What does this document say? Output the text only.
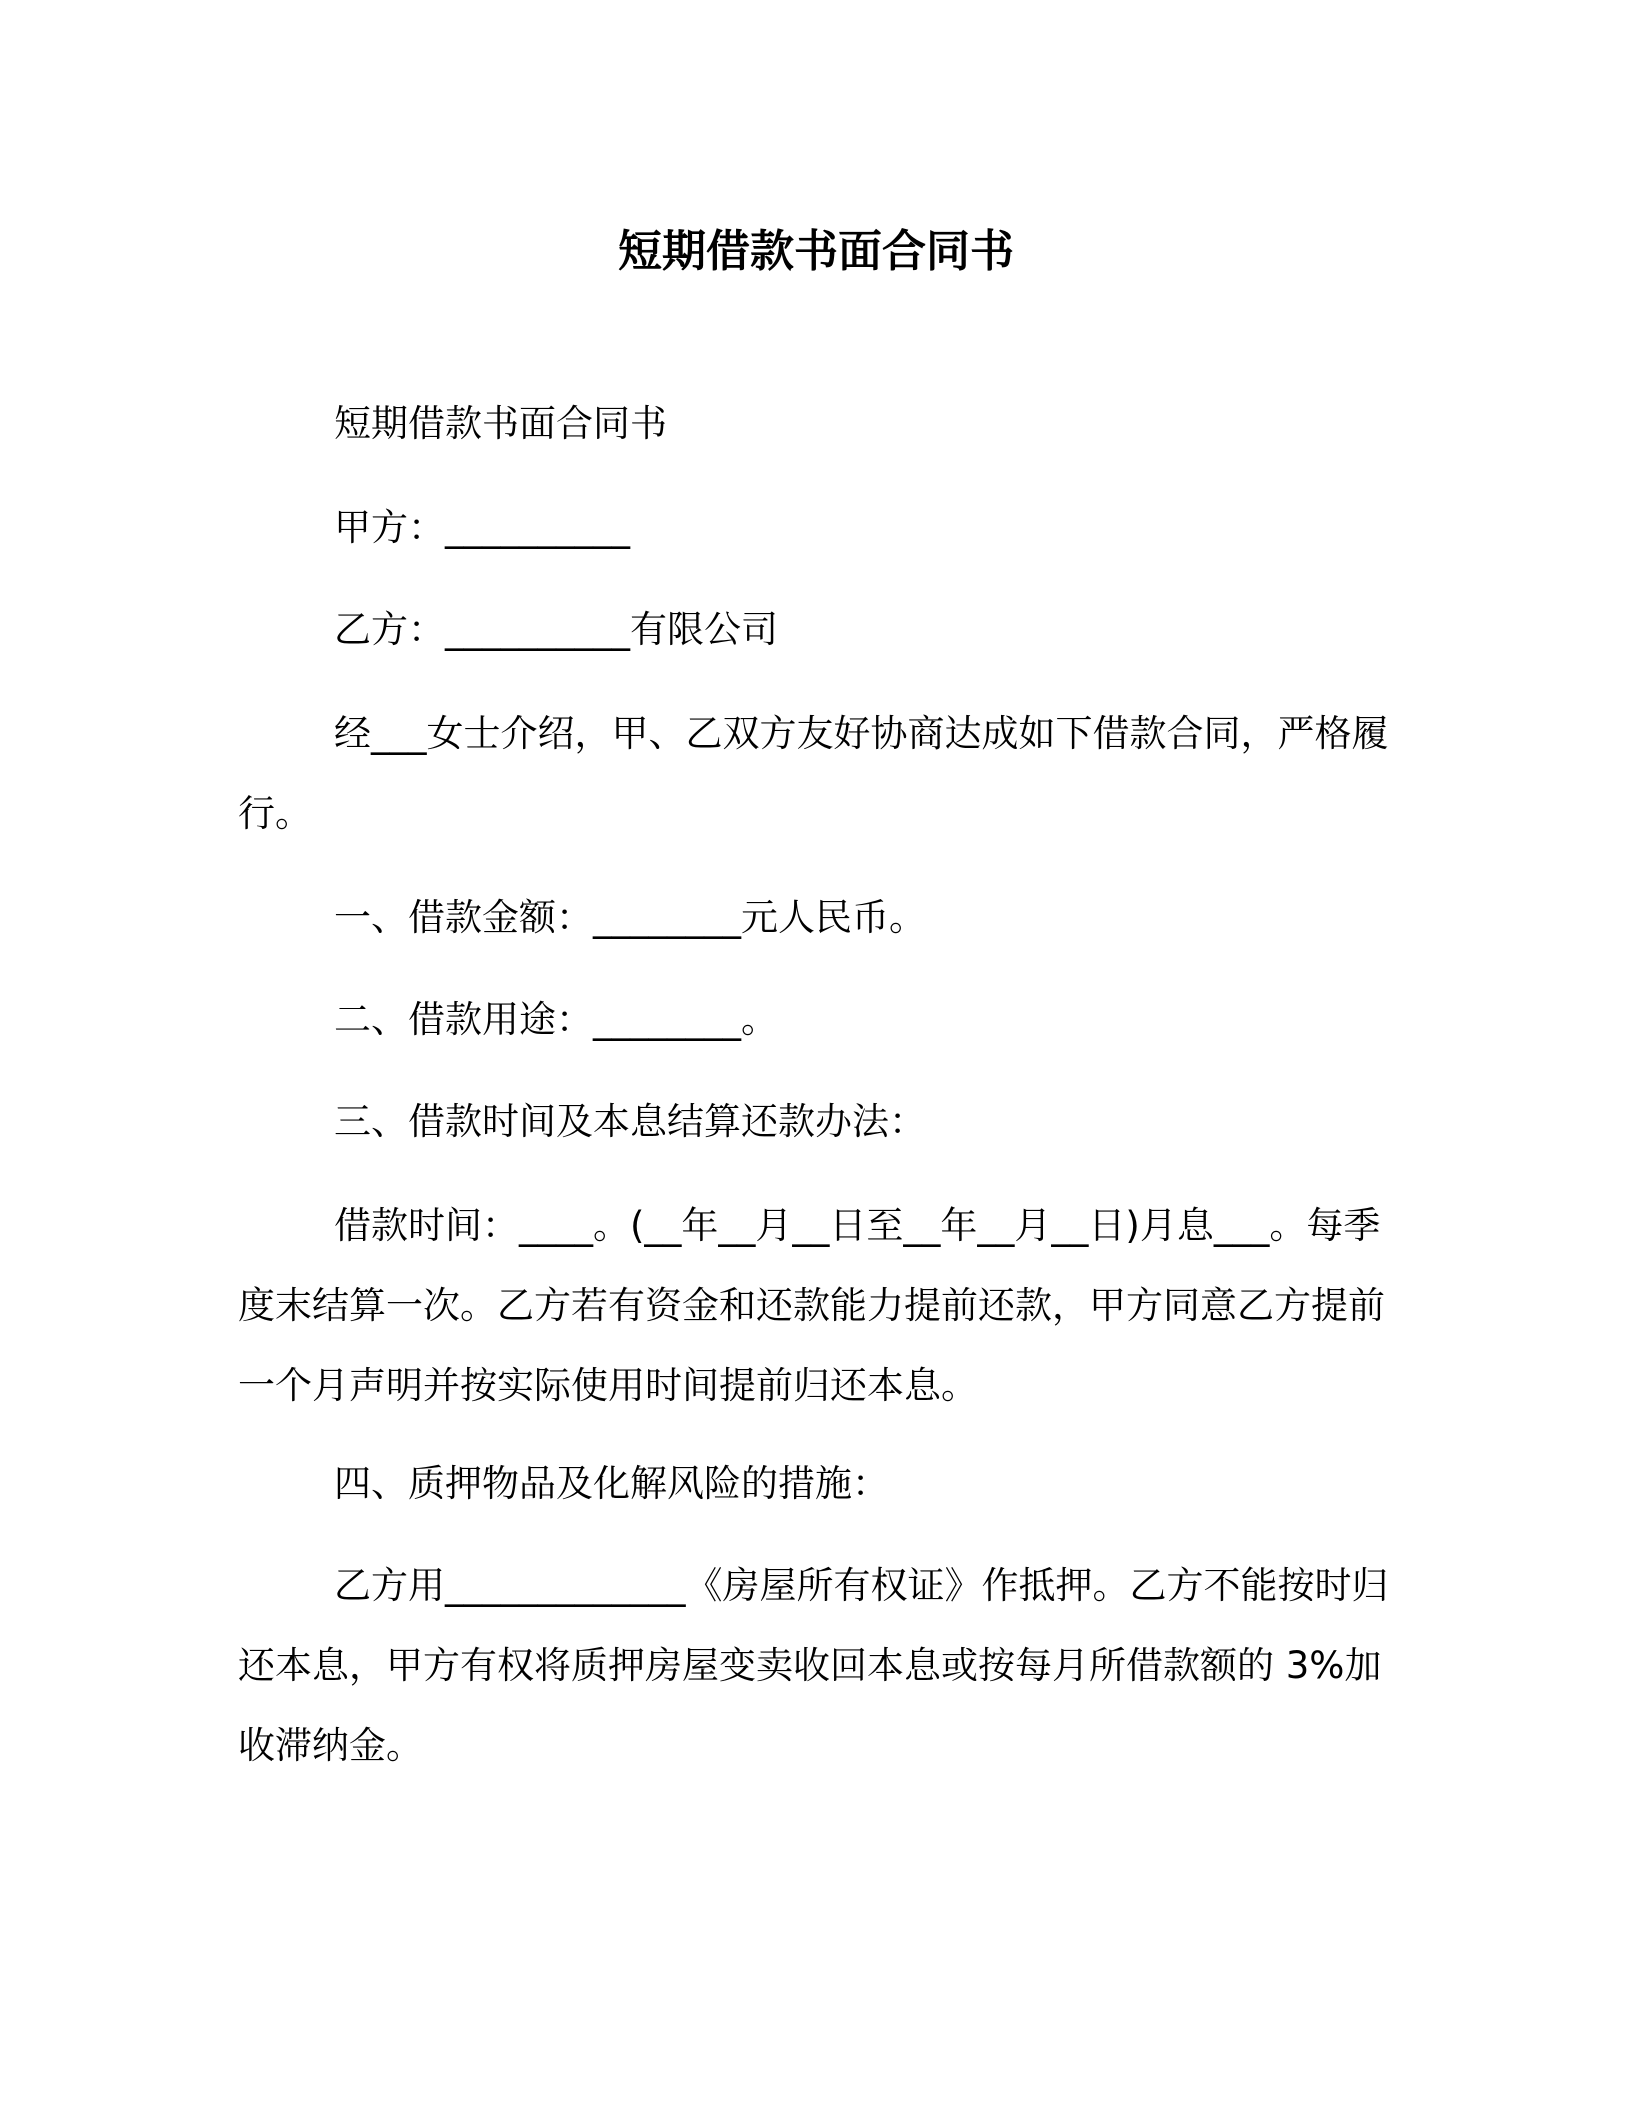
短期借款书面合同书

短期借款书面合同书

甲方：__________

乙方：__________有限公司

经___女士介绍，甲、乙双方友好协商达成如下借款合同，严格履行。

一、借款金额：________元人民币。

二、借款用途：________。

三、借款时间及本息结算还款办法：

借款时间：____。(__年__月__日至__年__月__日)月息___。每季度末结算一次。乙方若有资金和还款能力提前还款，甲方同意乙方提前一个月声明并按实际使用时间提前归还本息。

四、质押物品及化解风险的措施：

乙方用_____________《房屋所有权证》作抵押。乙方不能按时归还本息，甲方有权将质押房屋变卖收回本息或按每月所借款额的 3%加收滞纳金。
